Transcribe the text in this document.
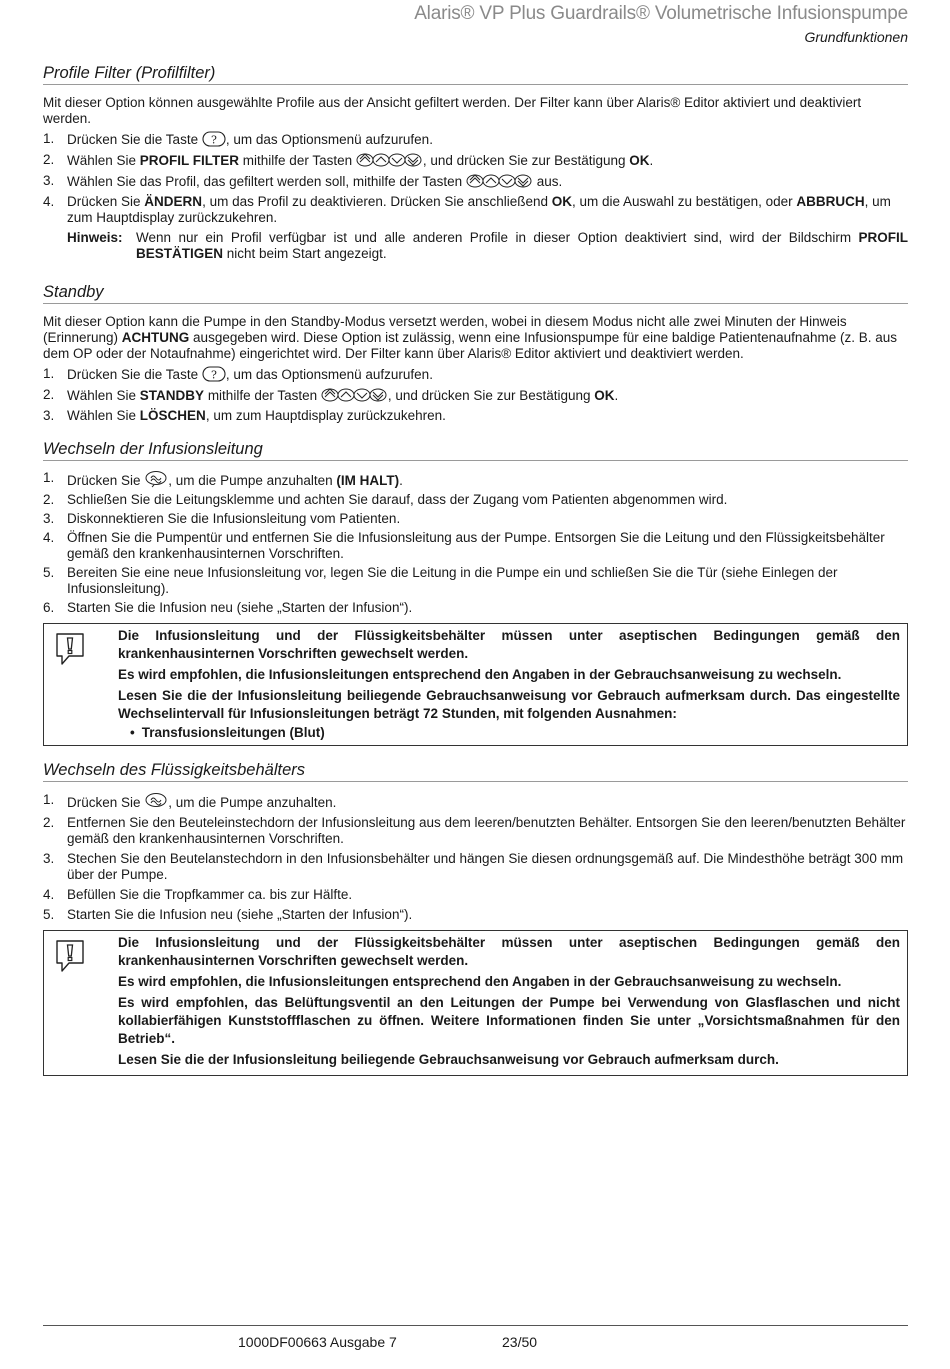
Alaris® VP Plus Guardrails® Volumetrische Infusionspumpe
Grundfunktionen
Profile Filter (Profilfilter)

Mit dieser Option können ausgewählte Profile aus der Ansicht gefiltert werden. Der Filter kann über Alaris® Editor aktiviert und deaktiviert werden.

1. Drücken Sie die Taste ? , um das Optionsmenü aufzurufen.
2. Wählen Sie PROFIL FILTER mithilfe der Tasten	, und drücken Sie zur Bestätigung OK.
3. Wählen Sie das Profil, das gefiltert werden soll, mithilfe der Tasten	aus.
4. Drücken Sie ÄNDERN, um das Profil zu deaktivieren. Drücken Sie anschließend OK, um die Auswahl zu bestätigen, oder ABBRUCH, um zum Hauptdisplay zurückzukehren.
Hinweis: Wenn nur ein Profil verfügbar ist und alle anderen Profile in dieser Option deaktiviert sind, wird der Bildschirm PROFIL BESTÄTIGEN nicht beim Start angezeigt.
Standby

Mit dieser Option kann die Pumpe in den Standby-Modus versetzt werden, wobei in diesem Modus nicht alle zwei Minuten der Hinweis (Erinnerung) ACHTUNG ausgegeben wird. Diese Option ist zulässig, wenn eine Infusionspumpe für eine baldige Patientenaufnahme (z. B. aus dem OP oder der Notaufnahme) eingerichtet wird. Der Filter kann über Alaris® Editor aktiviert und deaktiviert werden.

1. Drücken Sie die Taste ? , um das Optionsmenü aufzurufen.
2. Wählen Sie STANDBY mithilfe der Tasten	, und drücken Sie zur Bestätigung OK.
3. Wählen Sie LÖSCHEN, um zum Hauptdisplay zurückzukehren.
Wechseln der Infusionsleitung
1. Drücken Sie , um die Pumpe anzuhalten (IM HALT).
2. Schließen Sie die Leitungsklemme und achten Sie darauf, dass der Zugang vom Patienten abgenommen wird.
3. Diskonnektieren Sie die Infusionsleitung vom Patienten.
4. Öffnen Sie die Pumpentür und entfernen Sie die Infusionsleitung aus der Pumpe. Entsorgen Sie die Leitung und den Flüssigkeitsbehälter gemäß den krankenhausinternen Vorschriften.
5. Bereiten Sie eine neue Infusionsleitung vor, legen Sie die Leitung in die Pumpe ein und schließen Sie die Tür (siehe Einlegen der Infusionsleitung).
6. Starten Sie die Infusion neu (siehe „Starten der Infusion“).

Die Infusionsleitung und der Flüssigkeitsbehälter müssen unter aseptischen Bedingungen gemäß den krankenhausinternen Vorschriften gewechselt werden.

Es wird empfohlen, die Infusionsleitungen entsprechend den Angaben in der Gebrauchsanweisung zu wechseln.

Lesen Sie die der Infusionsleitung beiliegende Gebrauchsanweisung vor Gebrauch aufmerksam durch. Das eingestellte Wechselintervall für Infusionsleitungen beträgt 72 Stunden, mit folgenden Ausnahmen:

• Transfusionsleitungen (Blut)
Wechseln des Flüssigkeitsbehälters
1. Drücken Sie , um die Pumpe anzuhalten.
2. Entfernen Sie den Beuteleinstechdorn der Infusionsleitung aus dem leeren/benutzten Behälter. Entsorgen Sie den leeren/benutzten Behälter gemäß den krankenhausinternen Vorschriften.
3. Stechen Sie den Beutelanstechdorn in den Infusionsbehälter und hängen Sie diesen ordnungsgemäß auf. Die Mindesthöhe beträgt 300 mm über der Pumpe.
4. Befüllen Sie die Tropfkammer ca. bis zur Hälfte.
5. Starten Sie die Infusion neu (siehe „Starten der Infusion“).

Die Infusionsleitung und der Flüssigkeitsbehälter müssen unter aseptischen Bedingungen gemäß den krankenhausinternen Vorschriften gewechselt werden.

Es wird empfohlen, die Infusionsleitungen entsprechend den Angaben in der Gebrauchsanweisung zu wechseln.

Es wird empfohlen, das Belüftungsventil an den Leitungen der Pumpe bei Verwendung von Glasflaschen und nicht kollabierfähigen Kunststoffflaschen zu öffnen. Weitere Informationen finden Sie unter „Vorsichtsmaßnahmen für den Betrieb“.

Lesen Sie die der Infusionsleitung beiliegende Gebrauchsanweisung vor Gebrauch aufmerksam durch.

1000DF00663 Ausgabe 7	23/50
